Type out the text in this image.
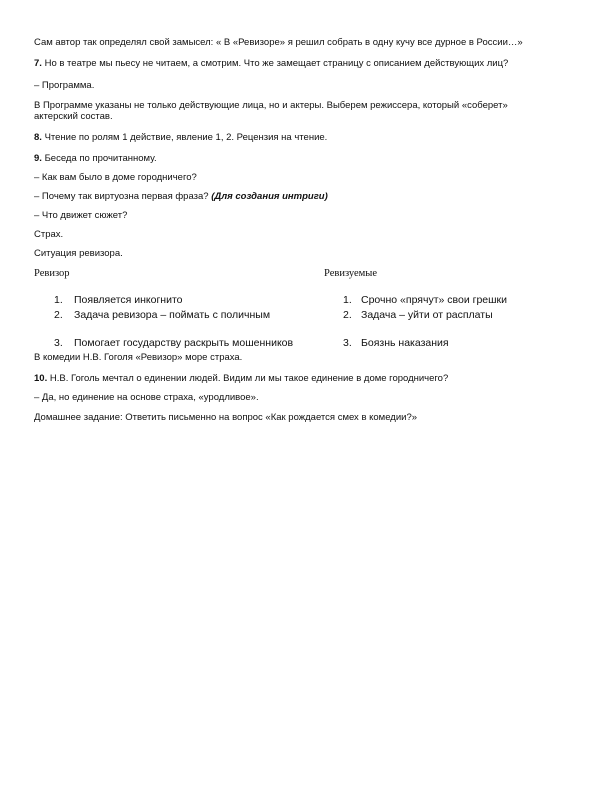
Сам автор так определял свой замысел: « В «Ревизоре» я решил собрать в одну кучу все дурное в России…»
7. Но в театре мы пьесу не читаем, а смотрим. Что же замещает страницу с описанием действующих лиц?
– Программа.
В Программе указаны не только действующие лица, но и актеры. Выберем режиссера, который «соберет» актерский состав.
8. Чтение по ролям 1 действие, явление 1, 2. Рецензия на чтение.
9. Беседа по прочитанному.
– Как вам было в доме городничего?
– Почему так виртуозна первая фраза? (Для создания интриги)
– Что движет сюжет?
Страх.
Ситуация ревизора.
Ревизор	Ревизуемые
1. Появляется инкогнито
2. Задача ревизора – поймать с поличным
3. Помогает государству раскрыть мошенников
1. Срочно «прячут» свои грешки
2. Задача – уйти от расплаты
3. Боязнь наказания
В комедии Н.В. Гоголя «Ревизор» море страха.
10. Н.В. Гоголь мечтал о единении людей. Видим ли мы такое единение в доме городничего?
– Да, но единение на основе страха, «уродливое».
Домашнее задание: Ответить письменно на вопрос «Как рождается смех в комедии?»
